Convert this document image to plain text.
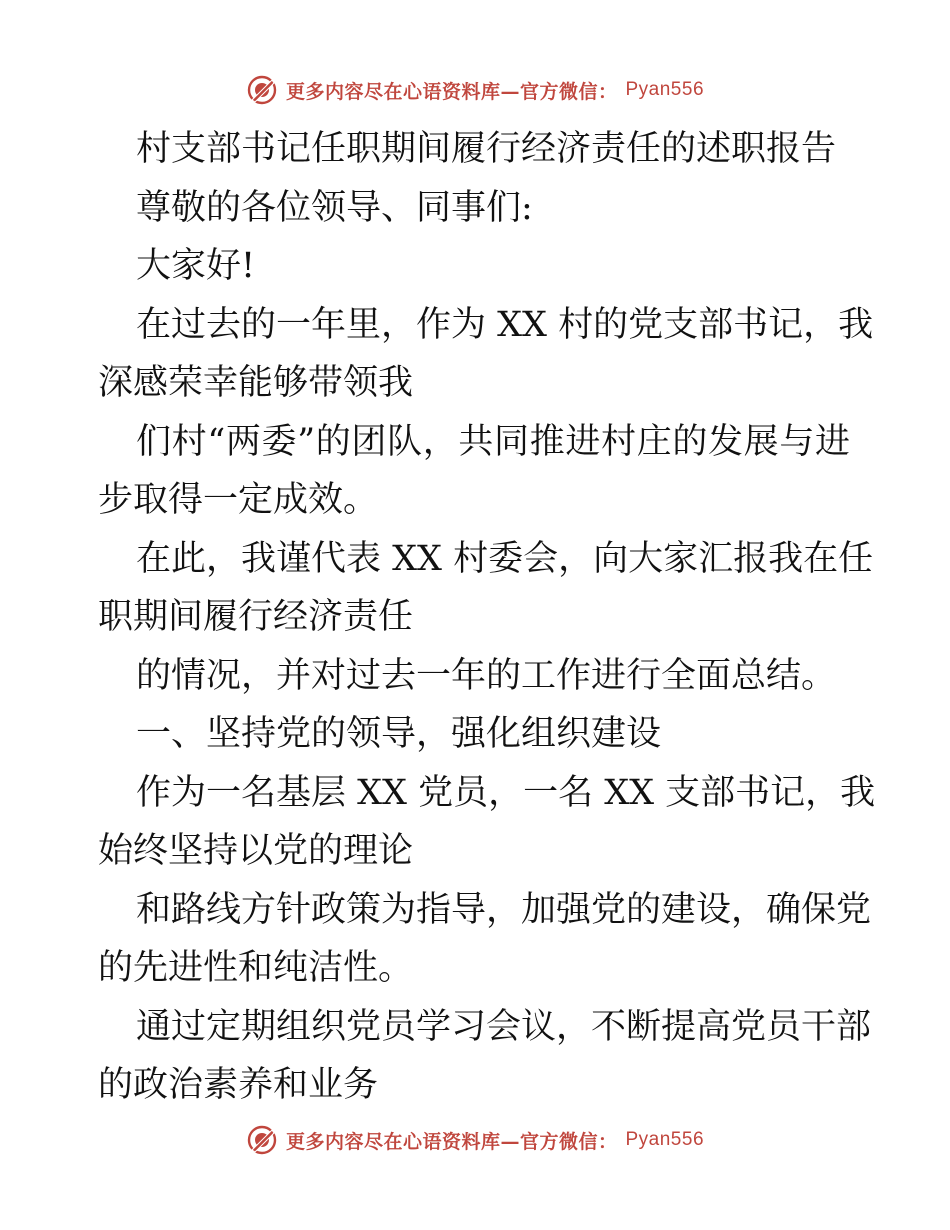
更多内容尽在心语资料库—官方微信： Pyan556
村支部书记任职期间履行经济责任的述职报告
尊敬的各位领导、同事们:
大家好!
在过去的一年里，作为 XX 村的党支部书记，我
深感荣幸能够带领我
们村“两委”的团队，共同推进村庄的发展与进
步取得一定成效。
在此，我谨代表 XX 村委会，向大家汇报我在任
职期间履行经济责任
的情况，并对过去一年的工作进行全面总结。
一、坚持党的领导，强化组织建设
作为一名基层 XX 党员，一名 XX 支部书记，我
始终坚持以党的理论
和路线方针政策为指导，加强党的建设，确保党
的先进性和纯洁性。
通过定期组织党员学习会议，不断提高党员干部
的政治素养和业务
更多内容尽在心语资料库—官方微信： Pyan556
